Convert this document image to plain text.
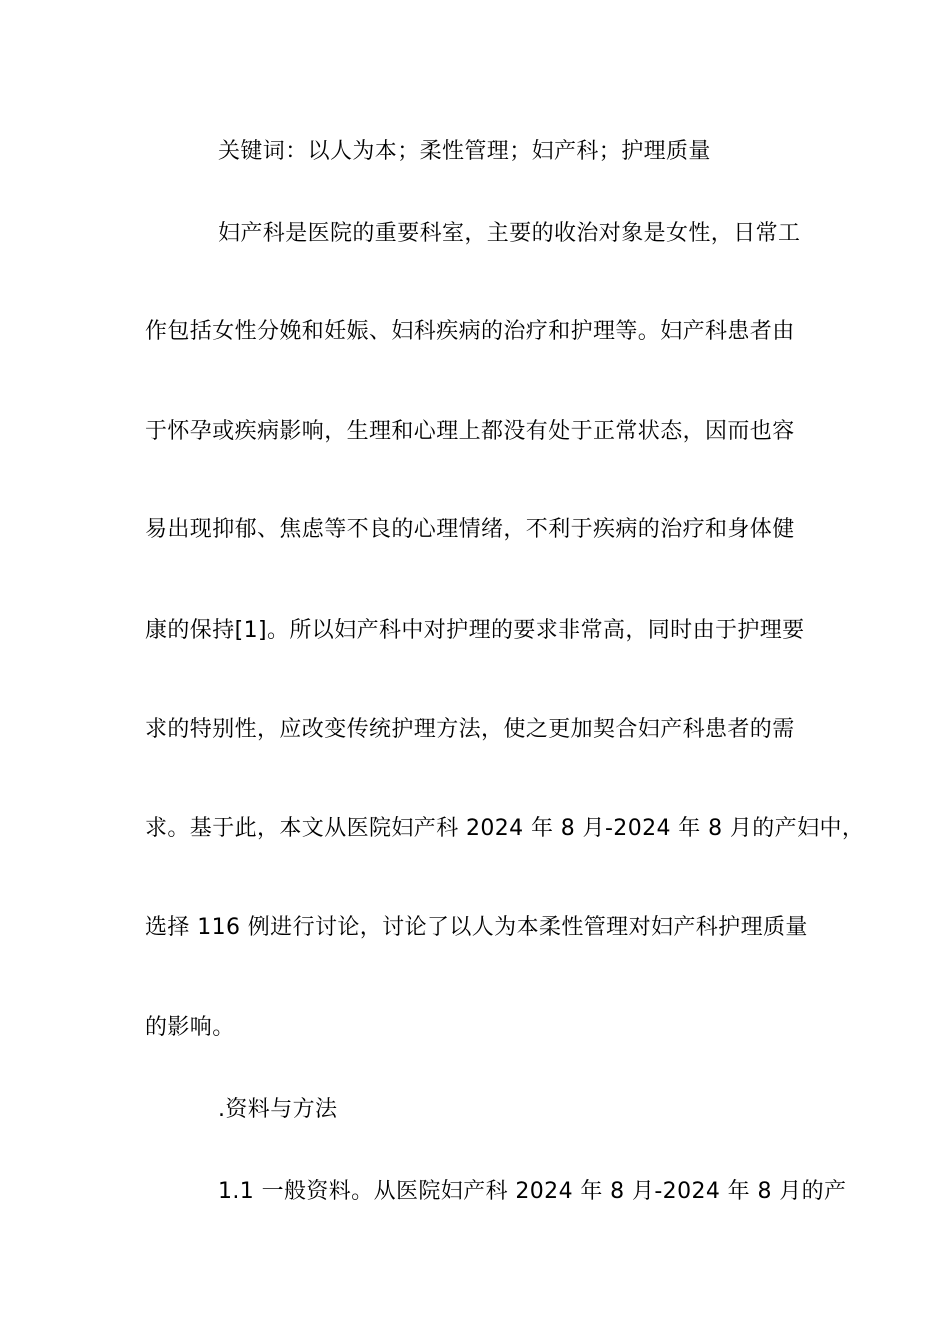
关键词：以人为本；柔性管理；妇产科；护理质量
妇产科是医院的重要科室，主要的收治对象是女性，日常工
作包括女性分娩和妊娠、妇科疾病的治疗和护理等。妇产科患者由
于怀孕或疾病影响，生理和心理上都没有处于正常状态，因而也容
易出现抑郁、焦虑等不良的心理情绪，不利于疾病的治疗和身体健
康的保持[1]。所以妇产科中对护理的要求非常高，同时由于护理要
求的特别性，应改变传统护理方法，使之更加契合妇产科患者的需
求。基于此，本文从医院妇产科 2024 年 8 月-2024 年 8 月的产妇中，
选择 116 例进行讨论，讨论了以人为本柔性管理对妇产科护理质量
的影响。
.资料与方法
1.1 一般资料。从医院妇产科 2024 年 8 月-2024 年 8 月的产
